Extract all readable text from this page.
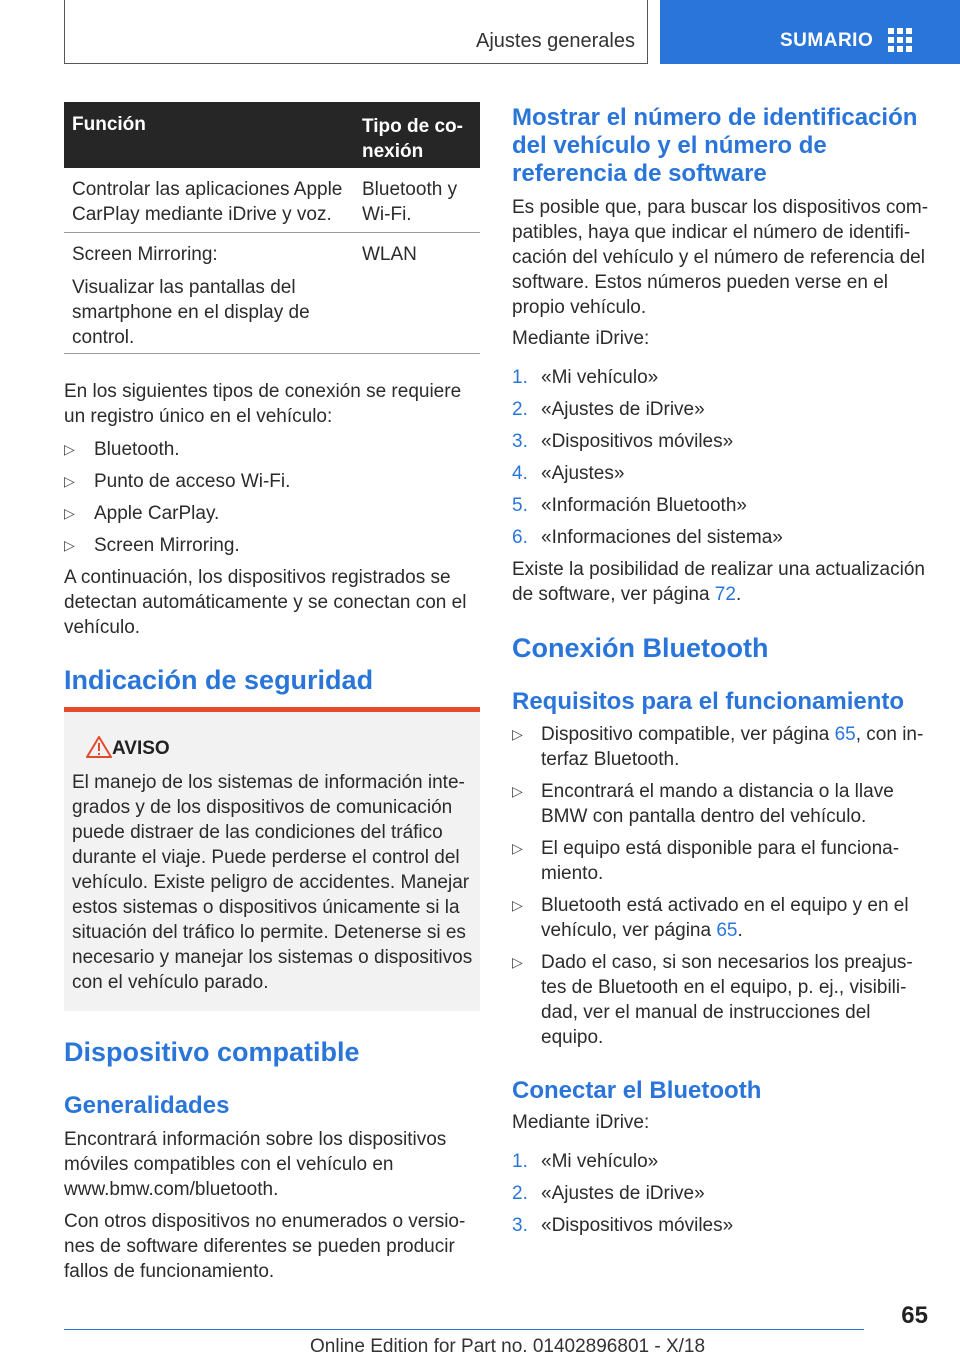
Ajustes generales	SUMARIO
Función	Tipo de co-
nexión
Controlar las aplicaciones Apple CarPlay mediante iDrive y voz.
Bluetooth y Wi-Fi.
Screen Mirroring:
Visualizar las pantallas del smartphone en el display de control.
WLAN

En los siguientes tipos de conexión se requiere un registro único en el vehículo:

▷ Bluetooth.
▷ Punto de acceso Wi-Fi.
▷ Apple CarPlay.
▷ Screen Mirroring.

A continuación, los dispositivos registrados se detectan automáticamente y se conectan con el vehículo.

Indicación de seguridad
AVISO

El manejo de los sistemas de información inte-grados y de los dispositivos de comunicación puede distraer de las condiciones del tráfico durante el viaje. Puede perderse el control del vehículo. Existe peligro de accidentes. Manejar estos sistemas o dispositivos únicamente si la situación del tráfico lo permite. Detenerse si es necesario y manejar los sistemas o dispositivos con el vehículo parado.

Dispositivo compatible
Generalidades

Encontrará información sobre los dispositivos móviles compatibles con el vehículo en www.bmw.com/bluetooth.

Con otros dispositivos no enumerados o versio-nes de software diferentes se pueden producir fallos de funcionamiento.

Mostrar el número de identificación del vehículo y el número de referencia de software

Es posible que, para buscar los dispositivos com-patibles, haya que indicar el número de identifi-cación del vehículo y el número de referencia del software. Estos números pueden verse en el propio vehículo.

Mediante iDrive:

1. «Mi vehículo»
2. «Ajustes de iDrive»
3. «Dispositivos móviles»
4. «Ajustes»
5. «Información Bluetooth»
6. «Informaciones del sistema»

Existe la posibilidad de realizar una actualización de software, ver página 72.

Conexión Bluetooth
Requisitos para el funcionamiento
▷ Dispositivo compatible, ver página 65, con in-terfaz Bluetooth.
▷ Encontrará el mando a distancia o la llave BMW con pantalla dentro del vehículo.
▷ El equipo está disponible para el funciona-miento.
▷ Bluetooth está activado en el equipo y en el vehículo, ver página 65.
▷ Dado el caso, si son necesarios los preajus-tes de Bluetooth en el equipo, p. ej., visibili-dad, ver el manual de instrucciones del equipo.
Conectar el Bluetooth

Mediante iDrive:

1. «Mi vehículo»
2. «Ajustes de iDrive»
3. «Dispositivos móviles»
65
Online Edition for Part no. 01402896801 - X/18
